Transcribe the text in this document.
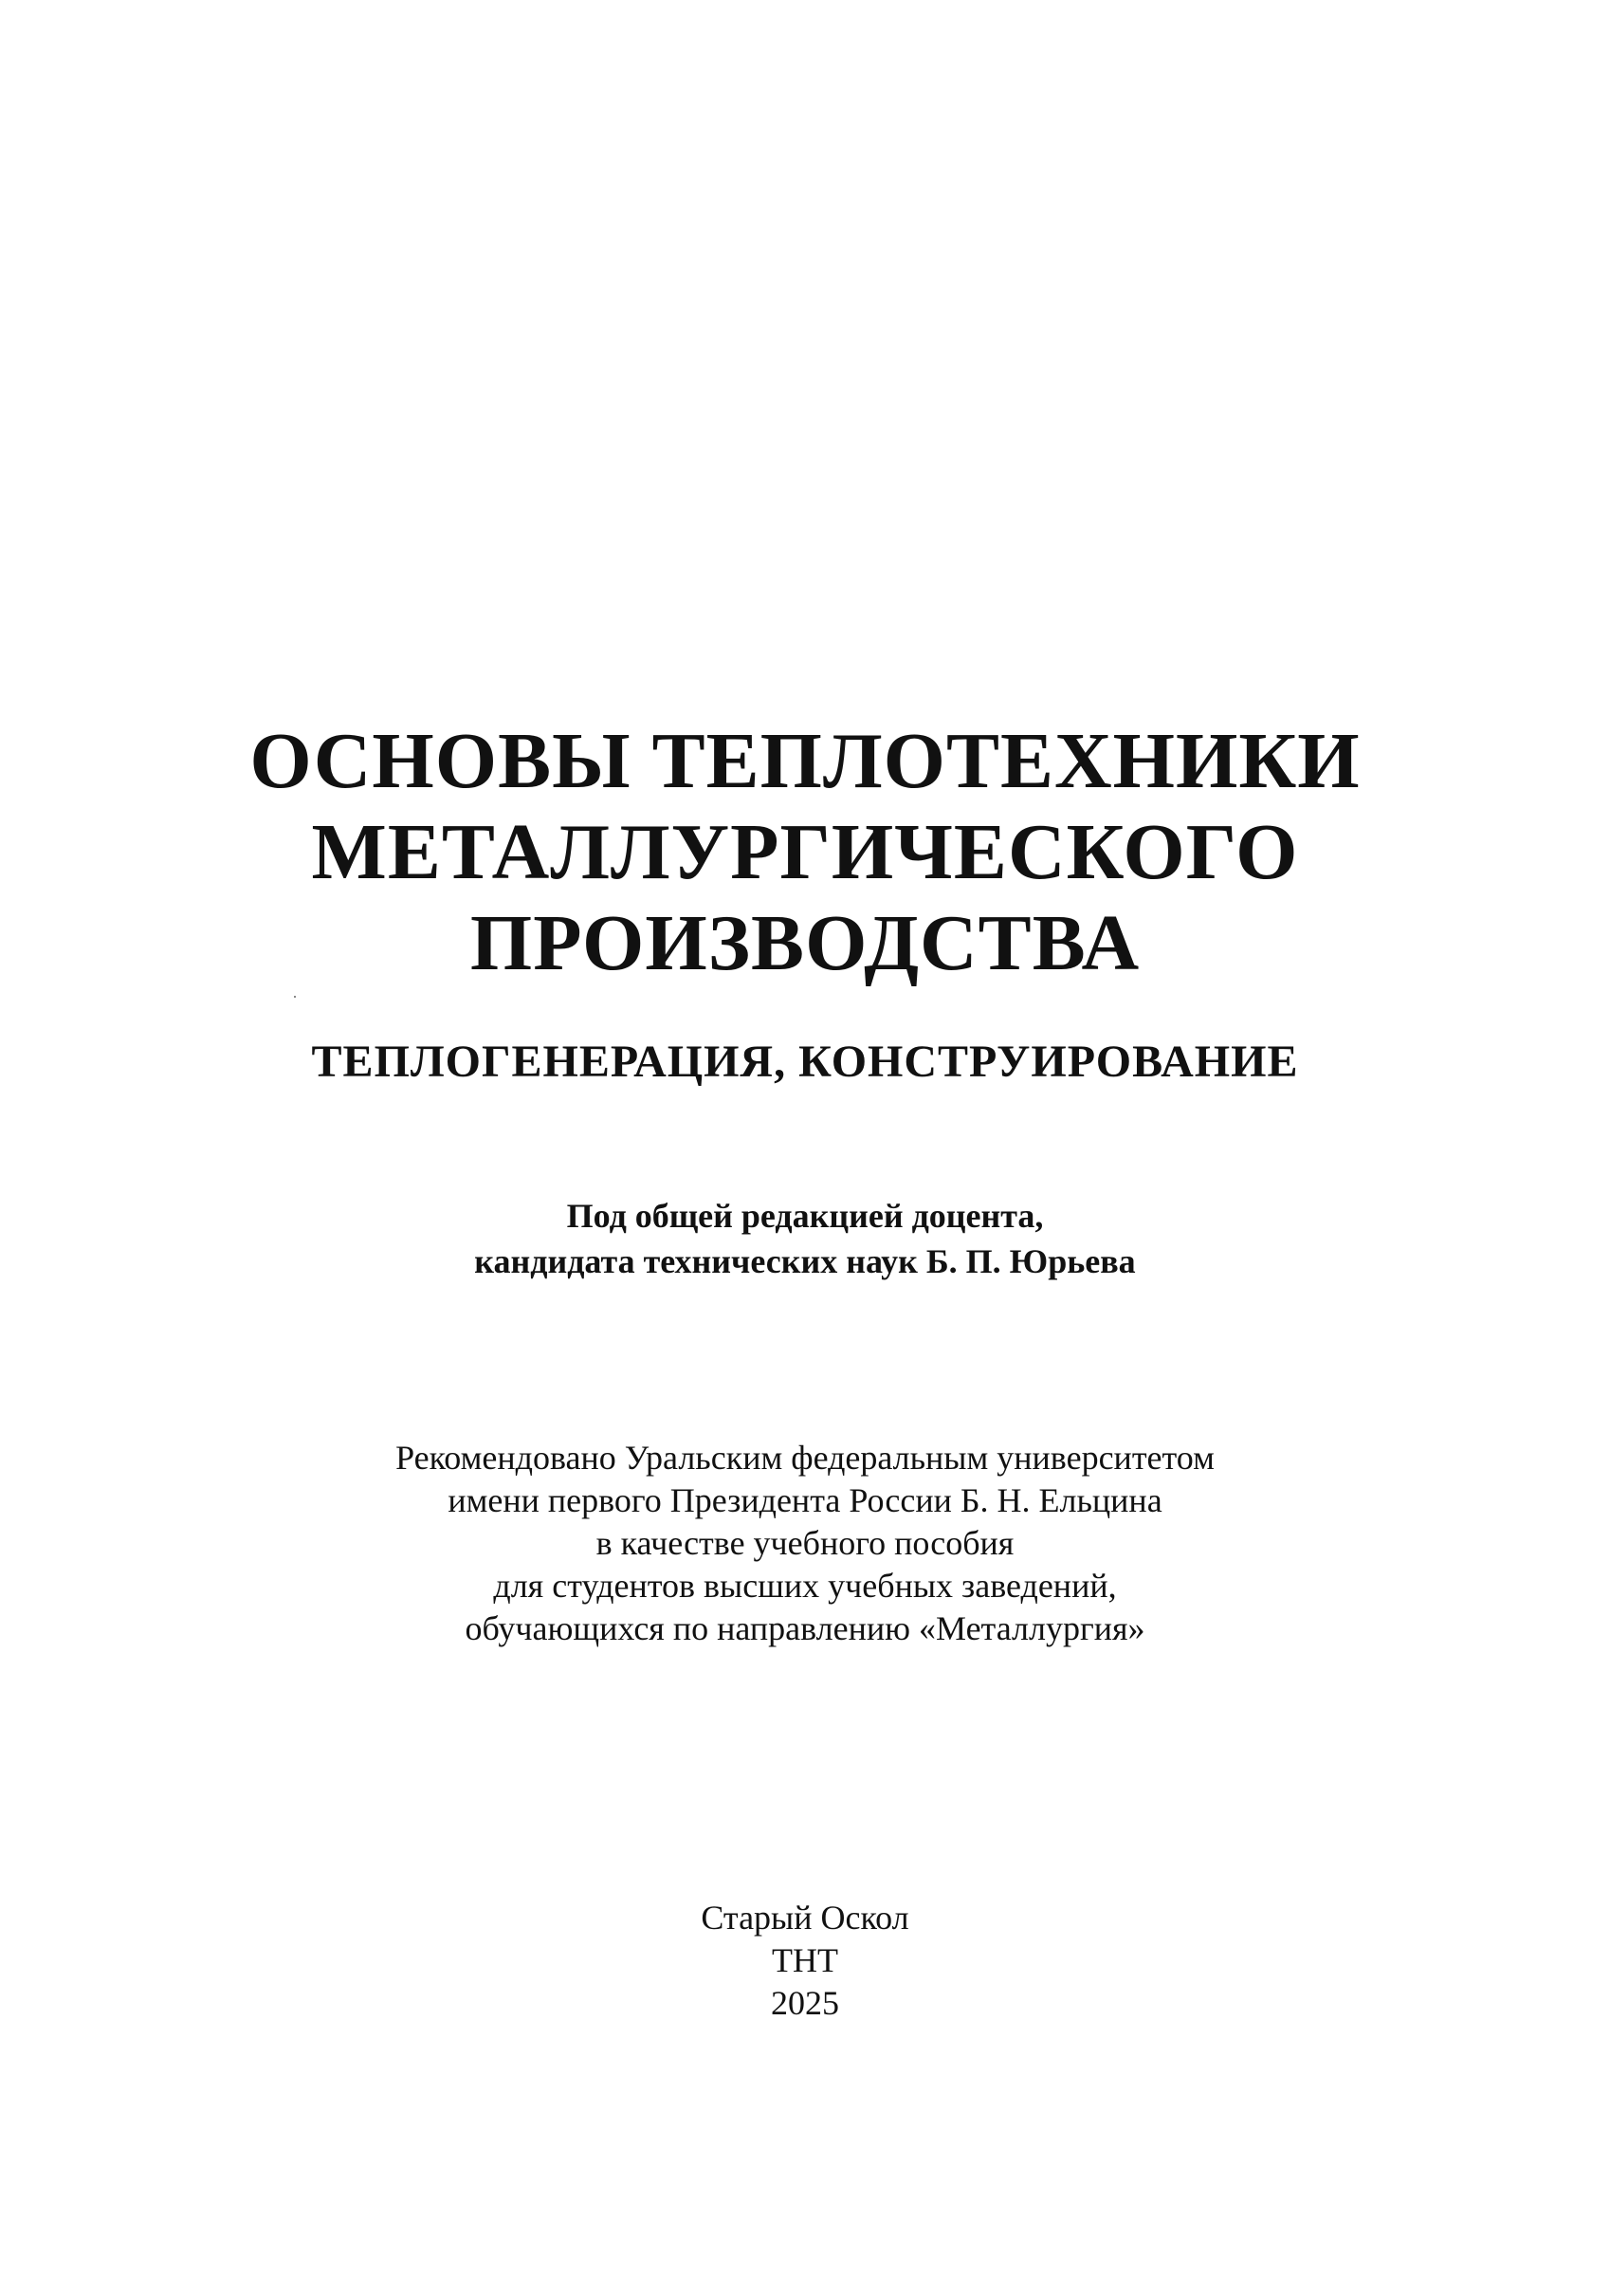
ОСНОВЫ ТЕПЛОТЕХНИКИ
МЕТАЛЛУРГИЧЕСКОГО
ПРОИЗВОДСТВА
ТЕПЛОГЕНЕРАЦИЯ, КОНСТРУИРОВАНИЕ
Под общей редакцией доцента,
кандидата технических наук Б. П. Юрьева
Рекомендовано Уральским федеральным университетом
имени первого Президента России Б. Н. Ельцина
в качестве учебного пособия
для студентов высших учебных заведений,
обучающихся по направлению «Металлургия»
Старый Оскол
ТНТ
2025
